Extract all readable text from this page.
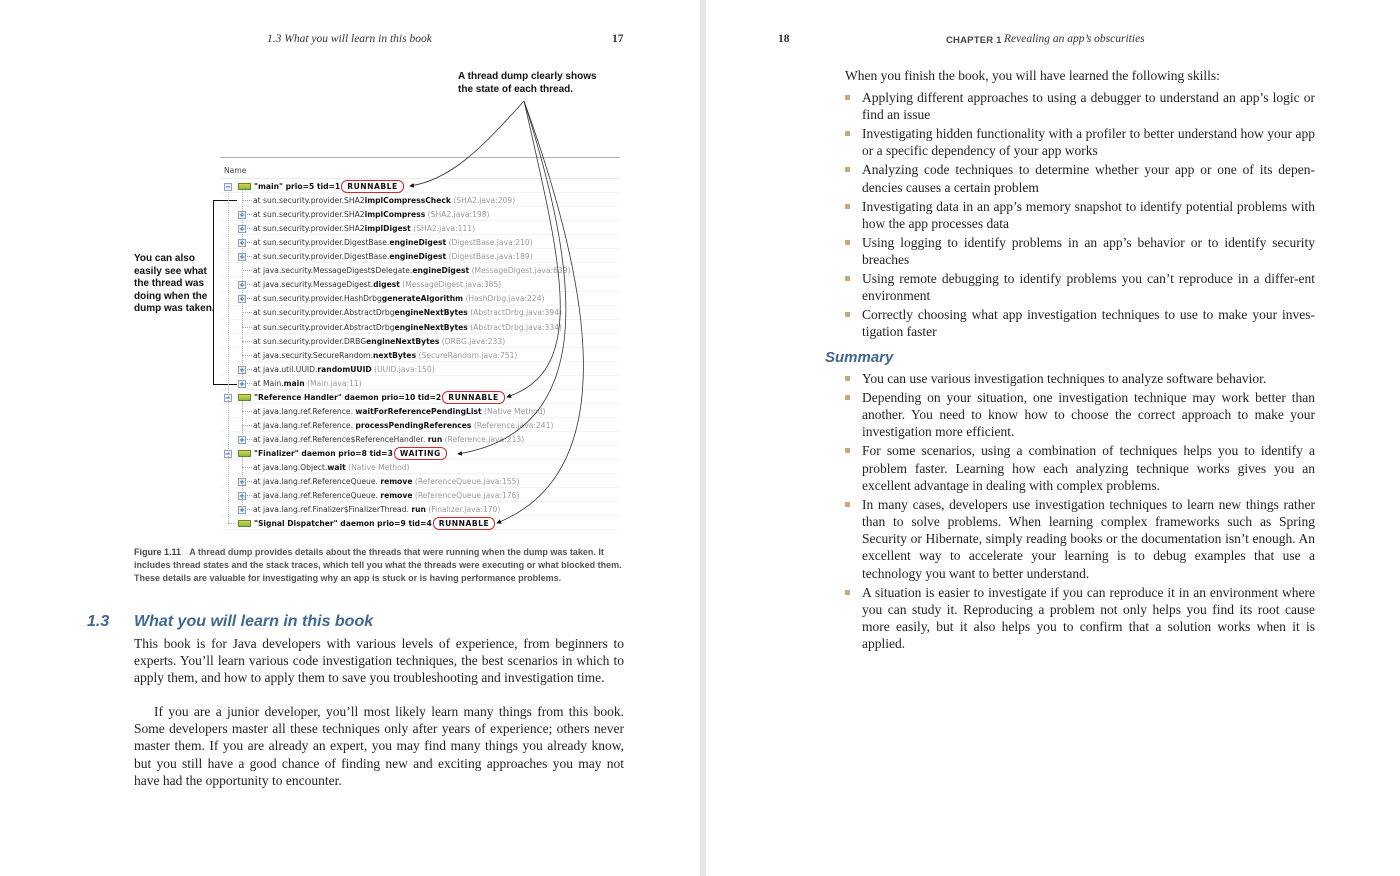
1.3 What you will learn in this book	17
A thread dump clearly shows the state of each thread.
You can also easily see what the thread was doing when the dump was taken.
Name
−	"main" prio=5 tid=1 RUNNABLE
at sun.security.provider.SHA2implCompressCheck (SHA2.java:209)
+ at sun.security.provider.SHA2implCompress (SHA2.java:198)
+ at sun.security.provider.SHA2implDigest (SHA2.java:111)
+ at sun.security.provider.DigestBase.engineDigest (DigestBase.java:210)
+ at sun.security.provider.DigestBase.engineDigest (DigestBase.java:189)
at java.security.MessageDigest$Delegate.engineDigest (MessageDigest.java:639)
+ at java.security.MessageDigest.digest (MessageDigest.java:385)
+ at sun.security.provider.HashDrbggenerateAlgorithm (HashDrbg.java:224)
at sun.security.provider.AbstractDrbgengineNextBytes (AbstractDrbg.java:394)
at sun.security.provider.AbstractDrbgengineNextBytes (AbstractDrbg.java:334)
at sun.security.provider.DRBGengineNextBytes (DRBG.java:233)
at java.security.SecureRandom.nextBytes (SecureRandom.java:751)
+ at java.util.UUID.randomUUID (UUID.java:150)
+ at Main.main (Main.java:11)
−	"Reference Handler" daemon prio=10 tid=2 RUNNABLE
at java.lang.ref.Reference. waitForReferencePendingList (Native Method)
at java.lang.ref.Reference. processPendingReferences (Reference.java:241)
+ at java.lang.ref.Reference$ReferenceHandler. run (Reference.java:213)
−	"Finalizer" daemon prio=8 tid=3 WAITING
at java.lang.Object.wait (Native Method)
+ at java.lang.ref.ReferenceQueue. remove (ReferenceQueue.java:155)
+ at java.lang.ref.ReferenceQueue. remove (ReferenceQueue.java:176)
+ at java.lang.ref.Finalizer$FinalizerThread. run (Finalizer.java:170)
"Signal Dispatcher" daemon prio=9 tid=4 RUNNABLE
Figure 1.11 A thread dump provides details about the threads that were running when the dump was taken. It includes thread states and the stack traces, which tell you what the threads were executing or what blocked them. These details are valuable for investigating why an app is stuck or is having performance problems.
1.3 What you will learn in this book

This book is for Java developers with various levels of experience, from beginners to experts. You’ll learn various code investigation techniques, the best scenarios in which to apply them, and how to apply them to save you troubleshooting and investigation time.

If you are a junior developer, you’ll most likely learn many things from this book. Some developers master all these techniques only after years of experience; others never master them. If you are already an expert, you may find many things you already know, but you still have a good chance of finding new and exciting approaches you may not have had the opportunity to encounter.

18	CHAPTER 1 Revealing an app’s obscurities

When you finish the book, you will have learned the following skills:

Applying different approaches to using a debugger to understand an app’s logic or find an issue
Investigating hidden functionality with a profiler to better understand how your app or a specific dependency of your app works
Analyzing code techniques to determine whether your app or one of its depen-dencies causes a certain problem
Investigating data in an app’s memory snapshot to identify potential problems with how the app processes data
Using logging to identify problems in an app’s behavior or to identify security breaches
Using remote debugging to identify problems you can’t reproduce in a differ-ent environment
Correctly choosing what app investigation techniques to use to make your inves-tigation faster
Summary
You can use various investigation techniques to analyze software behavior.
Depending on your situation, one investigation technique may work better than another. You need to know how to choose the correct approach to make your investigation more efficient.
For some scenarios, using a combination of techniques helps you to identify a problem faster. Learning how each analyzing technique works gives you an excellent advantage in dealing with complex problems.
In many cases, developers use investigation techniques to learn new things rather than to solve problems. When learning complex frameworks such as Spring Security or Hibernate, simply reading books or the documentation isn’t enough. An excellent way to accelerate your learning is to debug examples that use a technology you want to better understand.
A situation is easier to investigate if you can reproduce it in an environment where you can study it. Reproducing a problem not only helps you find its root cause more easily, but it also helps you to confirm that a solution works when it is applied.
